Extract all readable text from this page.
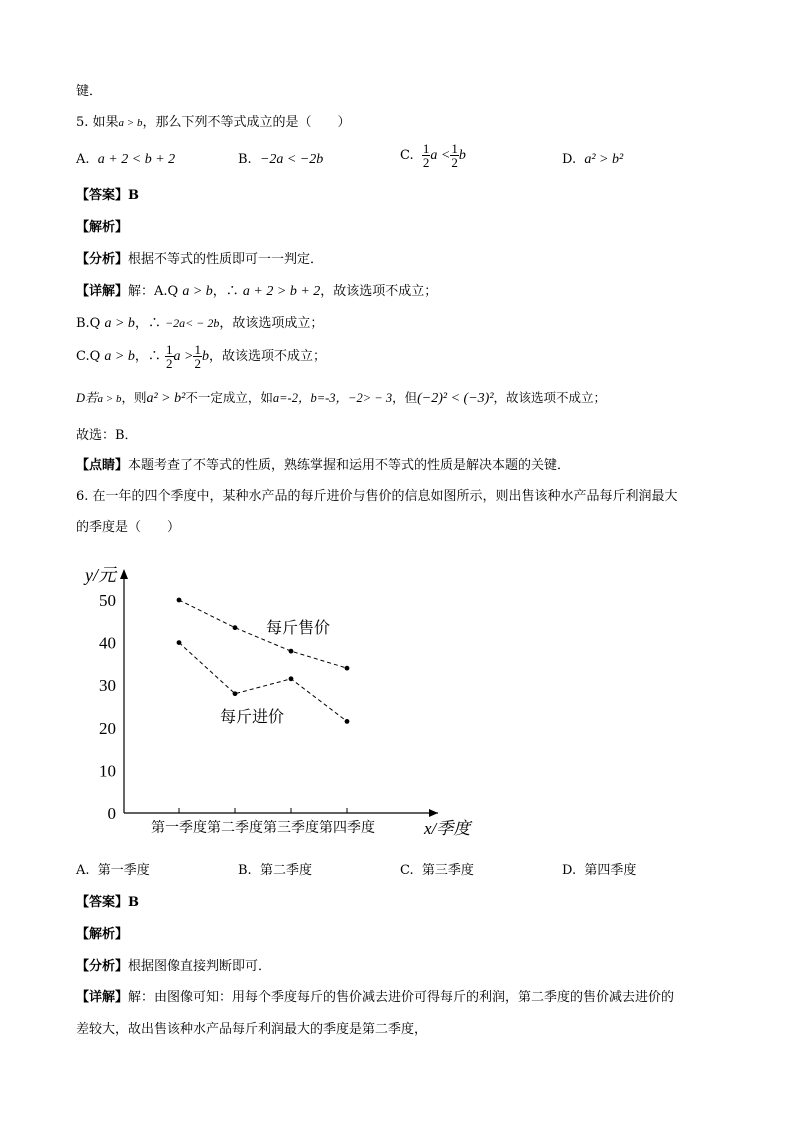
键．
5. 如果a > b，那么下列不等式成立的是（　　）
A. a + 2 < b + 2	B. −2a < −2b	C. $\frac{1}{2}$ $a < \frac{1}{2}$ b	D. a² > b²
【答案】B
【解析】
【分析】根据不等式的性质即可一一判定．
【详解】解：A.Q a > b，∴ a + 2 > b + 2，故该选项不成立；
B.Q a > b，∴ −2a< − 2b，故该选项成立；
C.Q a > b，∴ $\frac{1}{2}$ $a > \frac{1}{2}$ b，故该选项不成立；
D若a > b，则a² > b²不一定成立，如a=-2，b=-3，−2> − 3，但(−2)² < (−3)²，故该选项不成立；
故选：B．
【点睛】本题考查了不等式的性质，熟练掌握和运用不等式的性质是解决本题的关键．
6. 在一年的四个季度中，某种水产品的每斤进价与售价的信息如图所示，则出售该种水产品每斤利润最大
的季度是（　　）
0
10
20
30
40
50
第一季度 第二季度 第三季度 第四季度
y/元
x/季度
每斤售价
每斤进价
A. 第一季度	B. 第二季度	C. 第三季度	D. 第四季度
【答案】B
【解析】
【分析】根据图像直接判断即可．
【详解】解：由图像可知：用每个季度每斤的售价减去进价可得每斤的利润，第二季度的售价减去进价的
差较大，故出售该种水产品每斤利润最大的季度是第二季度，
